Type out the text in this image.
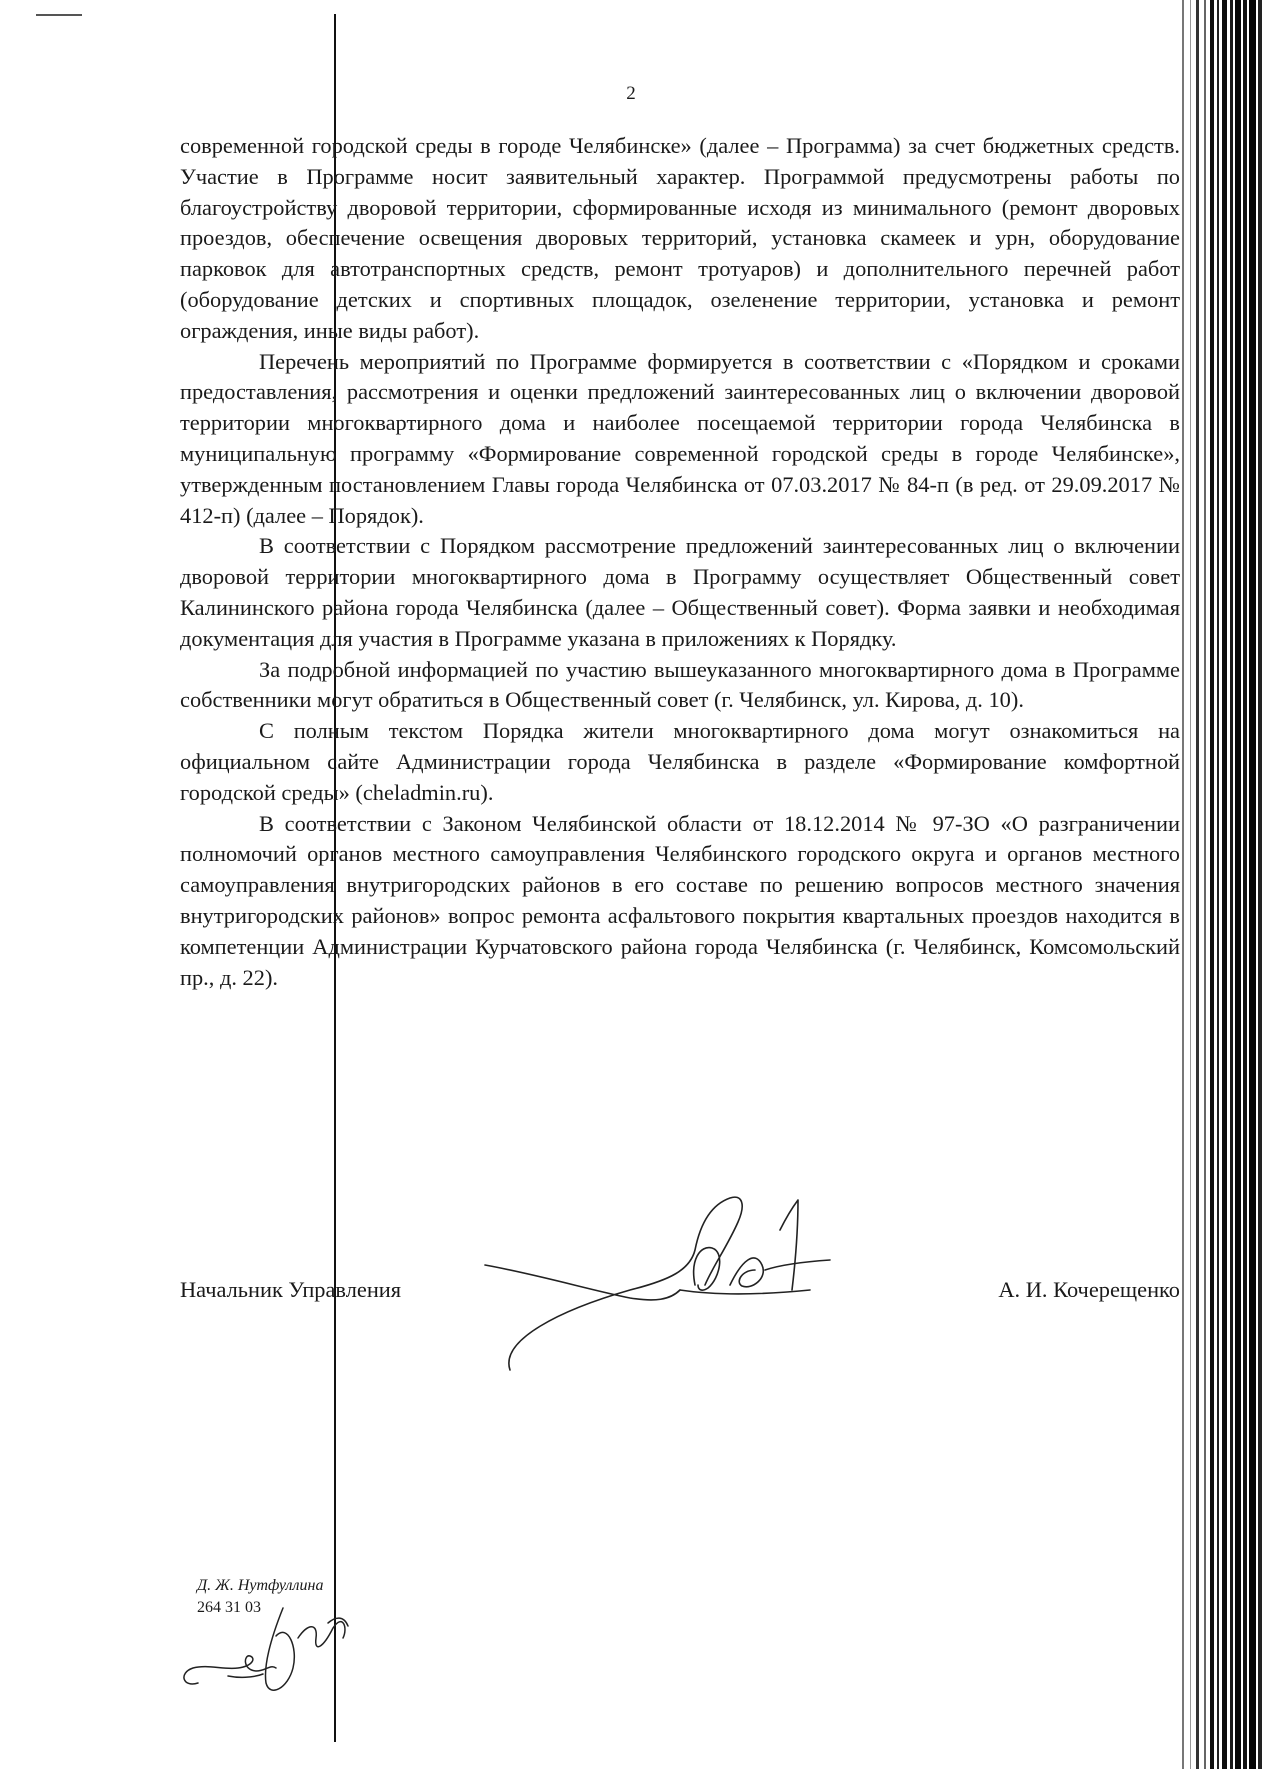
2

современной городской среды в городе Челябинске» (далее – Программа) за счет бюджетных средств. Участие в Программе носит заявительный характер. Программой предусмотрены работы по благоустройству дворовой территории, сформированные исходя из минимального (ремонт дворовых проездов, обеспечение освещения дворовых территорий, установка скамеек и урн, оборудование парковок для автотранспортных средств, ремонт тротуаров) и дополнительного перечней работ (оборудование детских и спортивных площадок, озеленение территории, установка и ремонт ограждения, иные виды работ).

Перечень мероприятий по Программе формируется в соответствии с «Порядком и сроками предоставления, рассмотрения и оценки предложений заинтересованных лиц о включении дворовой территории многоквартирного дома и наиболее посещаемой территории города Челябинска в муниципальную программу «Формирование современной городской среды в городе Челябинске», утвержденным постановлением Главы города Челябинска от 07.03.2017 № 84-п (в ред. от 29.09.2017 № 412-п) (далее – Порядок).

В соответствии с Порядком рассмотрение предложений заинтересованных лиц о включении дворовой территории многоквартирного дома в Программу осуществляет Общественный совет Калининского района города Челябинска (далее – Общественный совет). Форма заявки и необходимая документация для участия в Программе указана в приложениях к Порядку.

За подробной информацией по участию вышеуказанного многоквартирного дома в Программе собственники могут обратиться в Общественный совет (г. Челябинск, ул. Кирова, д. 10).

С полным текстом Порядка жители многоквартирного дома могут ознакомиться на официальном сайте Администрации города Челябинска в разделе «Формирование комфортной городской среды» (cheladmin.ru).

В соответствии с Законом Челябинской области от 18.12.2014 № 97-ЗО «О разграничении полномочий органов местного самоуправления Челябинского городского округа и органов местного самоуправления внутригородских районов в его составе по решению вопросов местного значения внутригородских районов» вопрос ремонта асфальтового покрытия квартальных проездов находится в компетенции Администрации Курчатовского района города Челябинска (г. Челябинск, Комсомольский пр., д. 22).

Начальник Управления	А. И. Кочерещенко
Д. Ж. Нутфуллина
264 31 03
